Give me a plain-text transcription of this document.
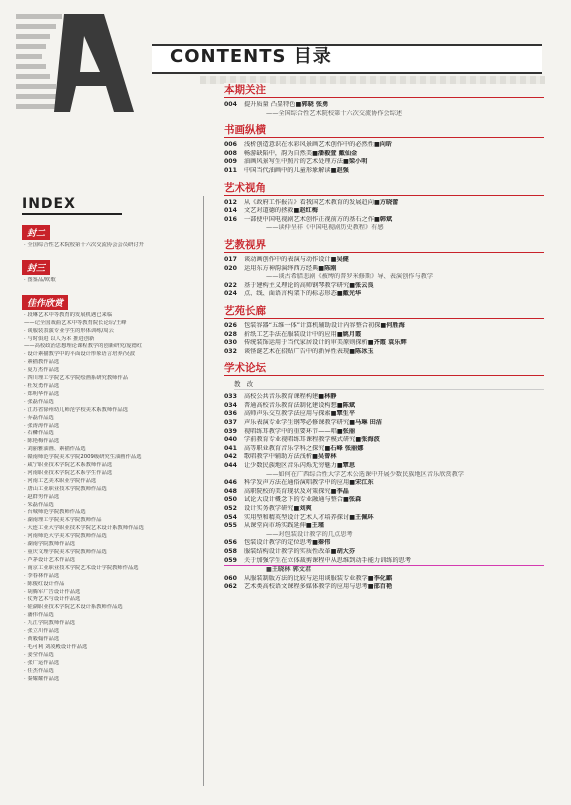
CONTENTS 目录
INDEX
封二
· 全国综合性艺术院校第十六次交流协会会员研讨开
封三
· 图鉴品/欧歌
佳作欣赏
· 段琳艺术中等教育的发展机遇已来临
——记全国戏曲艺术中等教育院长论坛/王峰
· 谈服装表演专业学生的形体训练/周云
· 与时俱进 以人为本 推进创新
——高校政治思想理论课程教学的创新研究/庞德红
· 设计素描教学中的平面设计形象语言培养/吴波
· 素描教作品选
· 夏万杰作品选
· 四川理工学院艺术学院绘画系研究教师作品
· 杜发勇作品选
· 郑明华作品选
· 张磊作品选
· 江苏省徐州幼儿师范学校美术系教师作品选
· 乔磊作品选
· 张涛涛作品选
· 石鳞作品选
· 陈艳梅作品选
· 刘丽雅油画、素描作品选
· 赣南师范学院美术学院2009级研究生油画作品选
· 咸宁职业技术学院艺术系教师作品选
· 河南职业技术学院艺术系学生作品选
· 河南工艺美术职业学院作品选
· 唐山工业职业技术学院教师作品选
· 赵群男作品选
· 朱磊作品选
· 台城师范学院教师作品选
· 湖南理工学院美术学院教师作品
· 大连工业大学职业技术学院艺术设计系教师作品选
· 河南师范大学美术学院教师作品选
· 湖南学院教师作品选
· 重庆文理学院美术学院教师作品选
· 芦茅设计艺术作品选
· 南京工业职业技术学院艺术设计学院教师作品选
· 李春林作品选
· 陈俊红设计作品
· 胡腾军广告设计作品选
· 仗秀艺术与设计作品选
· 硅湖职业技术学院艺术设计系教师作品选
· 潘伟作品选
· 九江学院教师作品选
· 张立川作品选
· 黄毅翰作品选
· 毛可利 刘凌殿设计作品选
· 姜莹作品选
· 张广运作品选
· 任杰作品选
· 秦耀耀作品选
本期关注
004	提升质量 凸显特色■郭晓 张勇
——全国综合性艺术院校第十六次交流协作会综述
书画纵横
006	浅析创造意识在水彩风景画艺术创作中的必然性■向昕
008	畅游缺陷中，韵为自然美■潘毅萱 戴仙金
009	油画风景写生中照片的艺术处理方法■梁小明
011	中国当代油画中的儿童形象解读■赵强
艺术视角
012	从《政府工作报告》看我国艺术教育的发展趋向■方晓蕾
014	文艺对道德的拯救■赵红梅
016	一部使中国电视剧艺术创作正视前方的基石之作■韩斌
——读仲呈祥《中国电视剧历史教程》有感
艺教视界
017	谈动画创作中的表演与动作设计■吴健
020	运用东方神韵演绎西方经典■陈刚
——谈古希腊悲剧《被缚的普罗米修斯》导、表演创作与教学
022	基于建构主义理论的高师钢琴教学研究■张云良
024	点、线、面语言构架下的标志形态■戴光华
艺苑长廊
026	包装容器“五维一体”计算机辅助设计内容整合初探■何胜海
028	折纸工艺手法在服装设计中的应用■姚月霞
030	传统装饰运用于当代家居设计的审美原则探析■齐霞 袁乐辉
032	谈怪诞艺术在招贴广告中的新异性表现■陈冰玉
学术论坛
教 改
033	高校公共音乐教育课程构建■林静
034	普通高校音乐教育法制化建设构想■陈斌
036	高师声乐交互教学法应用与探索■覃生平
037	声乐表演专业学生钢琴必修课教学研究■马琳 田洁
039	视唱练耳教学中的重要环节——唱■张丽
040	学前教育专业视唱练耳课程教学模式研究■张海波
041	高等职业教育音乐学科之探究■石峰 张丽娜
042	歌唱教学中辅助方法浅析■吴曾林
044	让少数民族地区音乐闪烁无穷魅力■覃思
——如何在广西综合性大学艺术公选课中开展少数民族地区音乐欣赏教学
046	科学发声方法在通俗演唱教学中的应用■宋江东
048	高职院校的美育现状及对策探究■李晶
050	试论大设计概念下的专业融通与整合■张森
052	设计实务教学研究■刘爽
054	实用型和精英型设计艺术人才培养探讨■王佩环
055	从课堂向市场实践延伸■王瑾
——对包装设计教学的几点思考
056	包装设计教学的定位思考■秦伟
058	服装结构设计教学的实质性改革■胡大芬
059	关于加强学生在立体裁剪课程中从思维到动手能力训练的思考
■王晓林 郭文君
060	从服装制版方法的比较与运用谈服装专业教学■李化麒
062	艺术类高校语文课程多媒体教学的应用与思考■邵百艳
